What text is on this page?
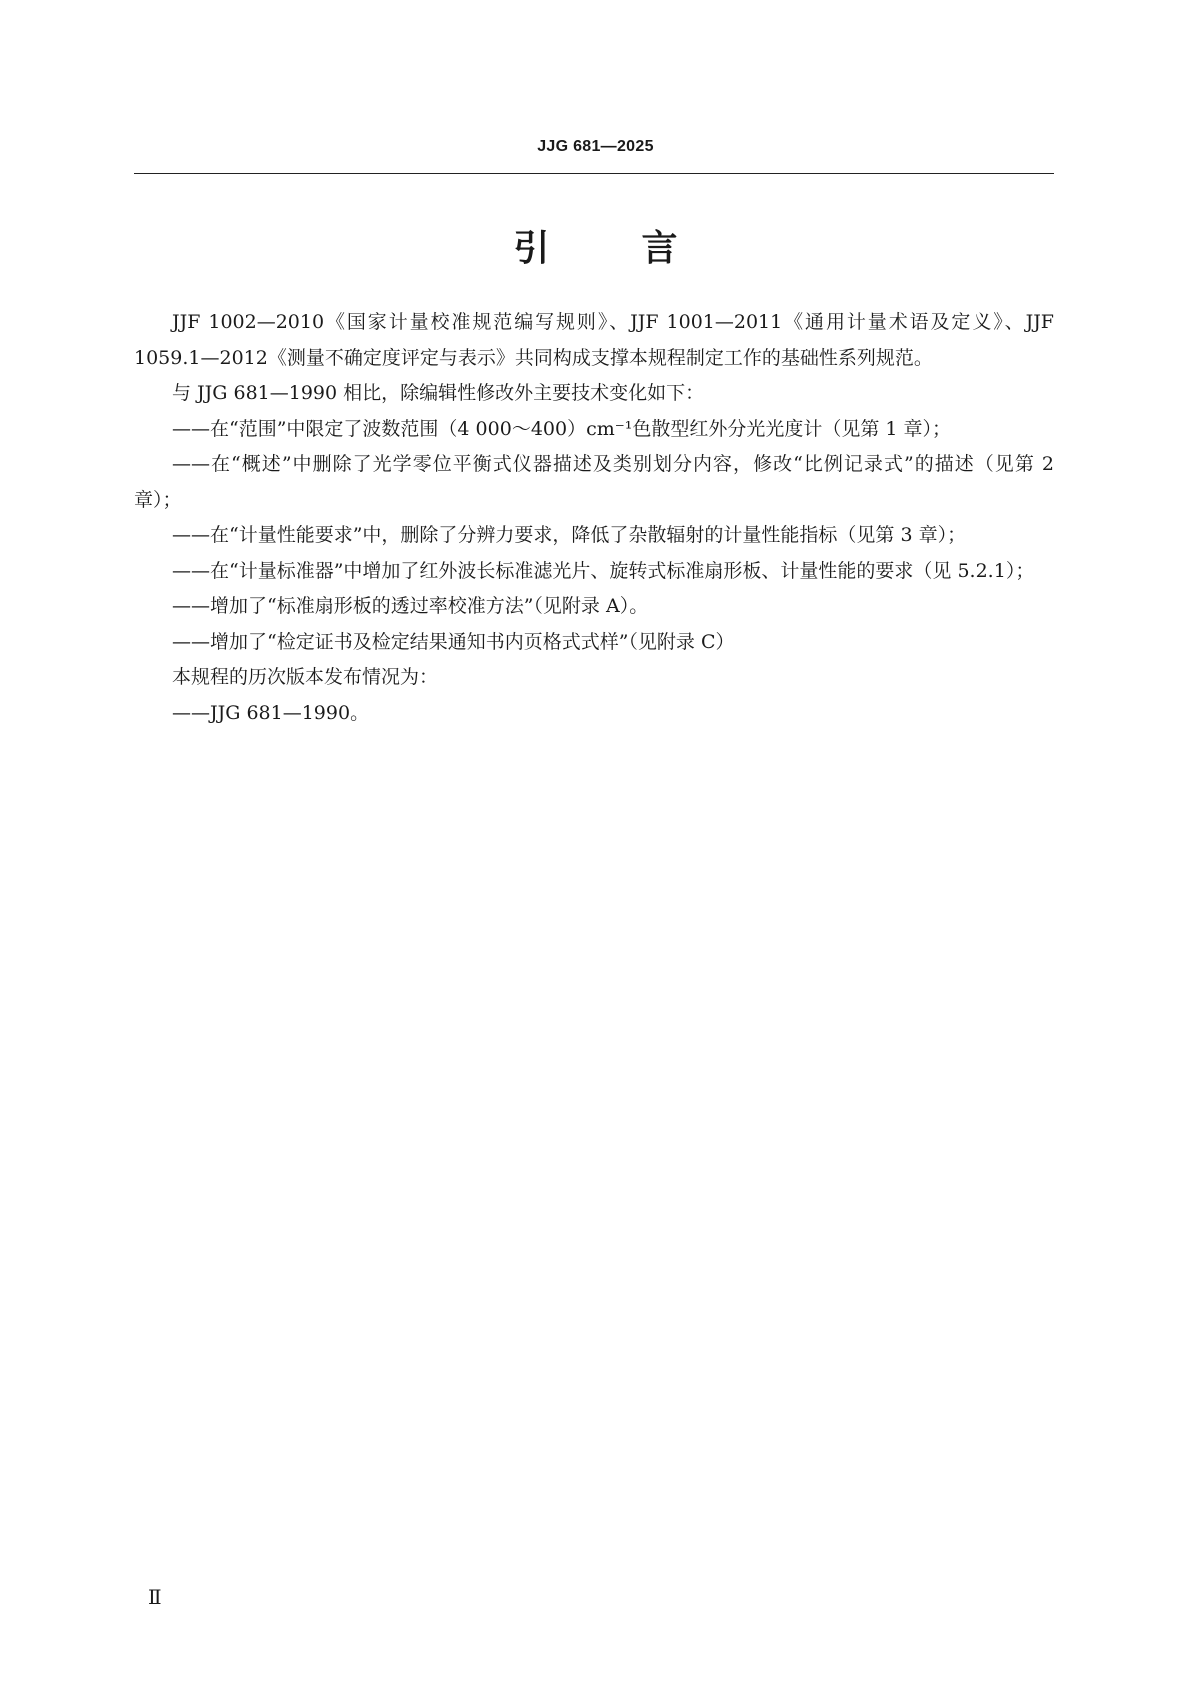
JJG 681—2025
引	言

JJF 1002—2010《国家计量校准规范编写规则》、JJF 1001—2011《通用计量术语及定义》、JJF 1059.1—2012《测量不确定度评定与表示》共同构成支撑本规程制定工作的基础性系列规范。

与 JJG 681—1990 相比，除编辑性修改外主要技术变化如下：

——在“范围”中限定了波数范围（4 000～400）cm⁻¹色散型红外分光光度计（见第 1 章）；

——在“概述”中删除了光学零位平衡式仪器描述及类别划分内容，修改“比例记录式”的描述（见第 2 章）；

——在“计量性能要求”中，删除了分辨力要求，降低了杂散辐射的计量性能指标（见第 3 章）；

——在“计量标准器”中增加了红外波长标准滤光片、旋转式标准扇形板、计量性能的要求（见 5.2.1）；

——增加了“标准扇形板的透过率校准方法”（见附录 A）。

——增加了“检定证书及检定结果通知书内页格式式样”（见附录 C）

本规程的历次版本发布情况为：

——JJG 681—1990。

Ⅱ
